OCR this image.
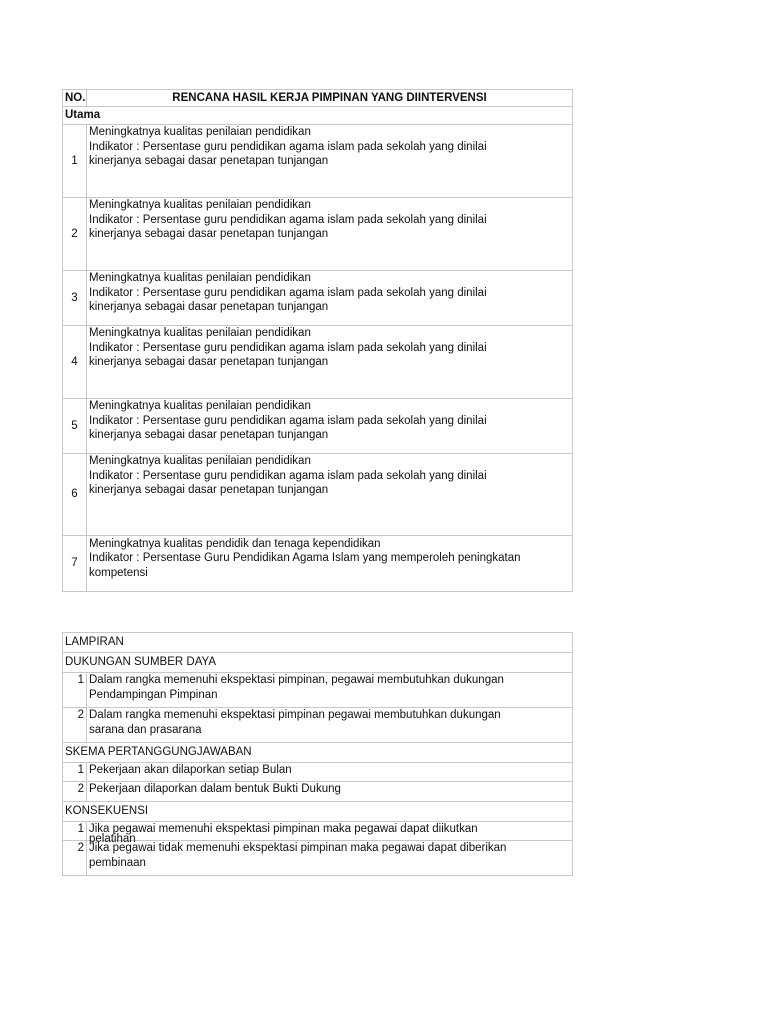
NO.	RENCANA HASIL KERJA PIMPINAN YANG DIINTERVENSI
Utama	
1	Meningkatnya kualitas penilaian pendidikan
Indikator : Persentase guru pendidikan agama islam pada sekolah yang dinilai
kinerjanya sebagai dasar penetapan tunjangan

2	Meningkatnya kualitas penilaian pendidikan
Indikator : Persentase guru pendidikan agama islam pada sekolah yang dinilai
kinerjanya sebagai dasar penetapan tunjangan

3	Meningkatnya kualitas penilaian pendidikan
Indikator : Persentase guru pendidikan agama islam pada sekolah yang dinilai
kinerjanya sebagai dasar penetapan tunjangan

4	Meningkatnya kualitas penilaian pendidikan
Indikator : Persentase guru pendidikan agama islam pada sekolah yang dinilai
kinerjanya sebagai dasar penetapan tunjangan

5	Meningkatnya kualitas penilaian pendidikan
Indikator : Persentase guru pendidikan agama islam pada sekolah yang dinilai
kinerjanya sebagai dasar penetapan tunjangan

6	Meningkatnya kualitas penilaian pendidikan
Indikator : Persentase guru pendidikan agama islam pada sekolah yang dinilai
kinerjanya sebagai dasar penetapan tunjangan

7	Meningkatnya kualitas pendidik dan tenaga kependidikan
Indikator : Persentase Guru Pendidikan Agama Islam yang memperoleh peningkatan
kompetensi
LAMPIRAN	
DUKUNGAN SUMBER DAYA	
1	Dalam rangka memenuhi ekspektasi pimpinan, pegawai membutuhkan dukungan
Pendampingan Pimpinan

2	Dalam rangka memenuhi ekspektasi pimpinan pegawai membutuhkan dukungan
sarana dan prasarana

SKEMA PERTANGGUNGJAWABAN	
1	Pekerjaan akan dilaporkan setiap Bulan
2	Pekerjaan dilaporkan dalam bentuk Bukti Dukung
KONSEKUENSI	
1	Jika pegawai memenuhi ekspektasi pimpinan maka pegawai dapat diikutkan
pelatihan

2	Jika pegawai tidak memenuhi ekspektasi pimpinan maka pegawai dapat diberikan
pembinaan
